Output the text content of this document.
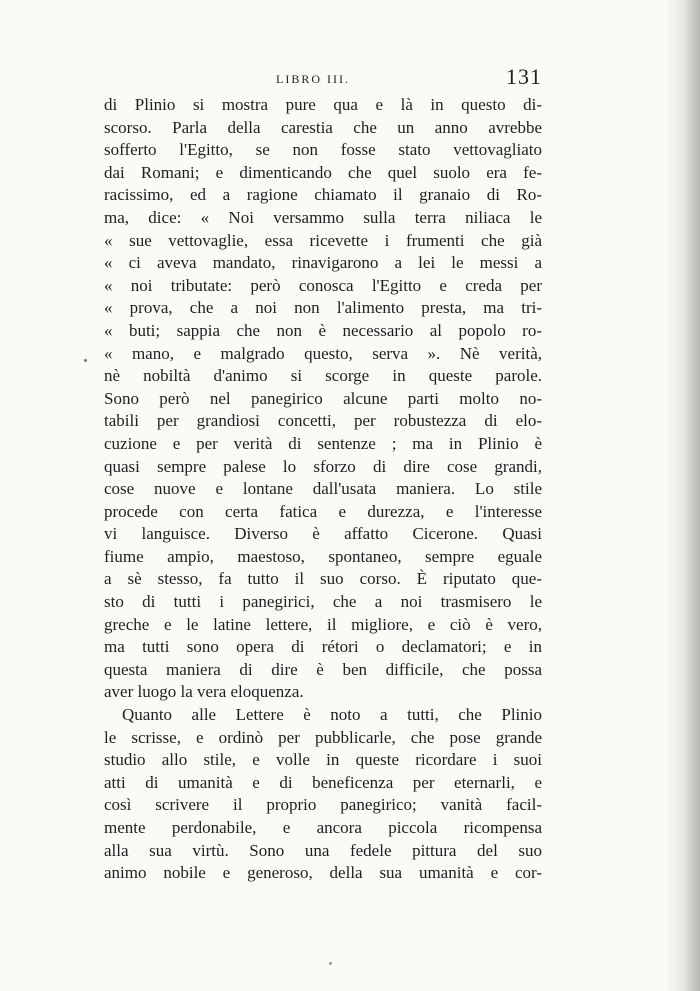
LIBRO III.	131
di Plinio si mostra pure qua e là in questo di-
scorso. Parla della carestia che un anno avrebbe
sofferto l'Egitto, se non fosse stato vettovagliato
dai Romani; e dimenticando che quel suolo era fe-
racissimo, ed a ragione chiamato il granaio di Ro-
ma, dice: « Noi versammo sulla terra niliaca le
« sue vettovaglie, essa ricevette i frumenti che già
« ci aveva mandato, rinavigarono a lei le messi a
« noi tributate: però conosca l'Egitto e creda per
« prova, che a noi non l'alimento presta, ma tri-
« buti; sappia che non è necessario al popolo ro-
« mano, e malgrado questo, serva ». Nè verità,
nè nobiltà d'animo si scorge in queste parole.
Sono però nel panegirico alcune parti molto no-
tabili per grandiosi concetti, per robustezza di elo-
cuzione e per verità di sentenze ; ma in Plinio è
quasi sempre palese lo sforzo di dire cose grandi,
cose nuove e lontane dall'usata maniera. Lo stile
procede con certa fatica e durezza, e l'interesse
vi languisce. Diverso è affatto Cicerone. Quasi
fiume ampio, maestoso, spontaneo, sempre eguale
a sè stesso, fa tutto il suo corso. È riputato que-
sto di tutti i panegirici, che a noi trasmisero le
greche e le latine lettere, il migliore, e ciò è vero,
ma tutti sono opera di rétori o declamatori; e in
questa maniera di dire è ben difficile, che possa
aver luogo la vera eloquenza.
Quanto alle Lettere è noto a tutti, che Plinio
le scrisse, e ordinò per pubblicarle, che pose grande
studio allo stile, e volle in queste ricordare i suoi
atti di umanità e di beneficenza per eternarli, e
così scrivere il proprio panegirico; vanità facil-
mente perdonabile, e ancora piccola ricompensa
alla sua virtù. Sono una fedele pittura del suo
animo nobile e generoso, della sua umanità e cor-
